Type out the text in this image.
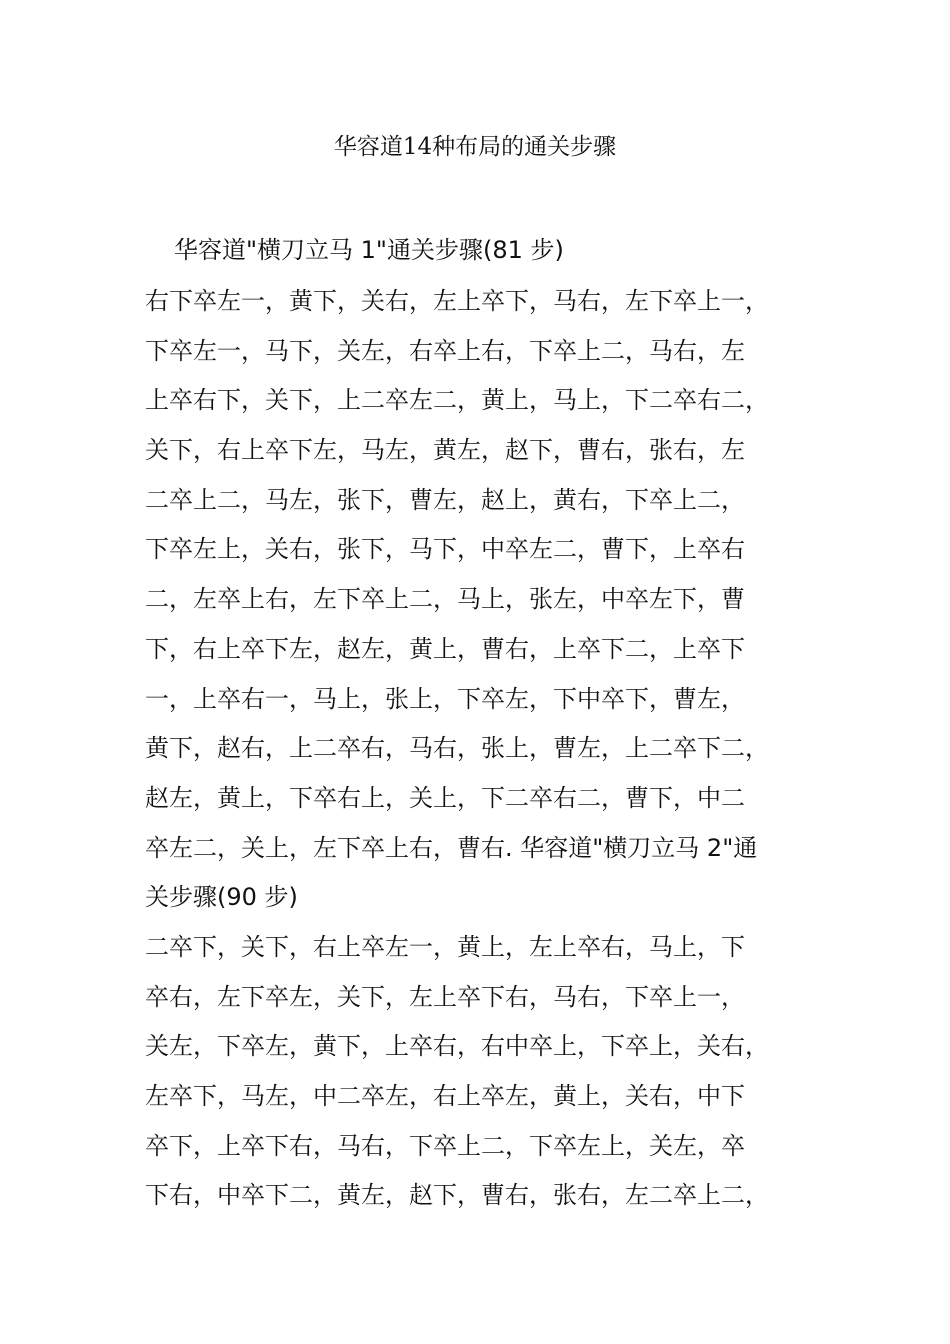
华容道14种布局的通关步骤
华容道"横刀立马 1"通关步骤(81 步)
右下卒左一，黄下，关右，左上卒下，马右，左下卒上一，
下卒左一，马下，关左，右卒上右，下卒上二，马右，左
上卒右下，关下，上二卒左二，黄上，马上，下二卒右二，
关下，右上卒下左，马左，黄左，赵下，曹右，张右，左
二卒上二，马左，张下，曹左，赵上，黄右，下卒上二，
下卒左上，关右，张下，马下，中卒左二，曹下，上卒右
二，左卒上右，左下卒上二，马上，张左，中卒左下，曹
下，右上卒下左，赵左，黄上，曹右，上卒下二，上卒下
一，上卒右一，马上，张上，下卒左，下中卒下，曹左，
黄下，赵右，上二卒右，马右，张上，曹左，上二卒下二，
赵左，黄上，下卒右上，关上，下二卒右二，曹下，中二
卒左二，关上，左下卒上右，曹右. 华容道"横刀立马 2"通
关步骤(90 步)
二卒下，关下，右上卒左一，黄上，左上卒右，马上，下
卒右，左下卒左，关下，左上卒下右，马右，下卒上一，
关左，下卒左，黄下，上卒右，右中卒上，下卒上，关右，
左卒下，马左，中二卒左，右上卒左，黄上，关右，中下
卒下，上卒下右，马右，下卒上二，下卒左上，关左，卒
下右，中卒下二，黄左，赵下，曹右，张右，左二卒上二，
